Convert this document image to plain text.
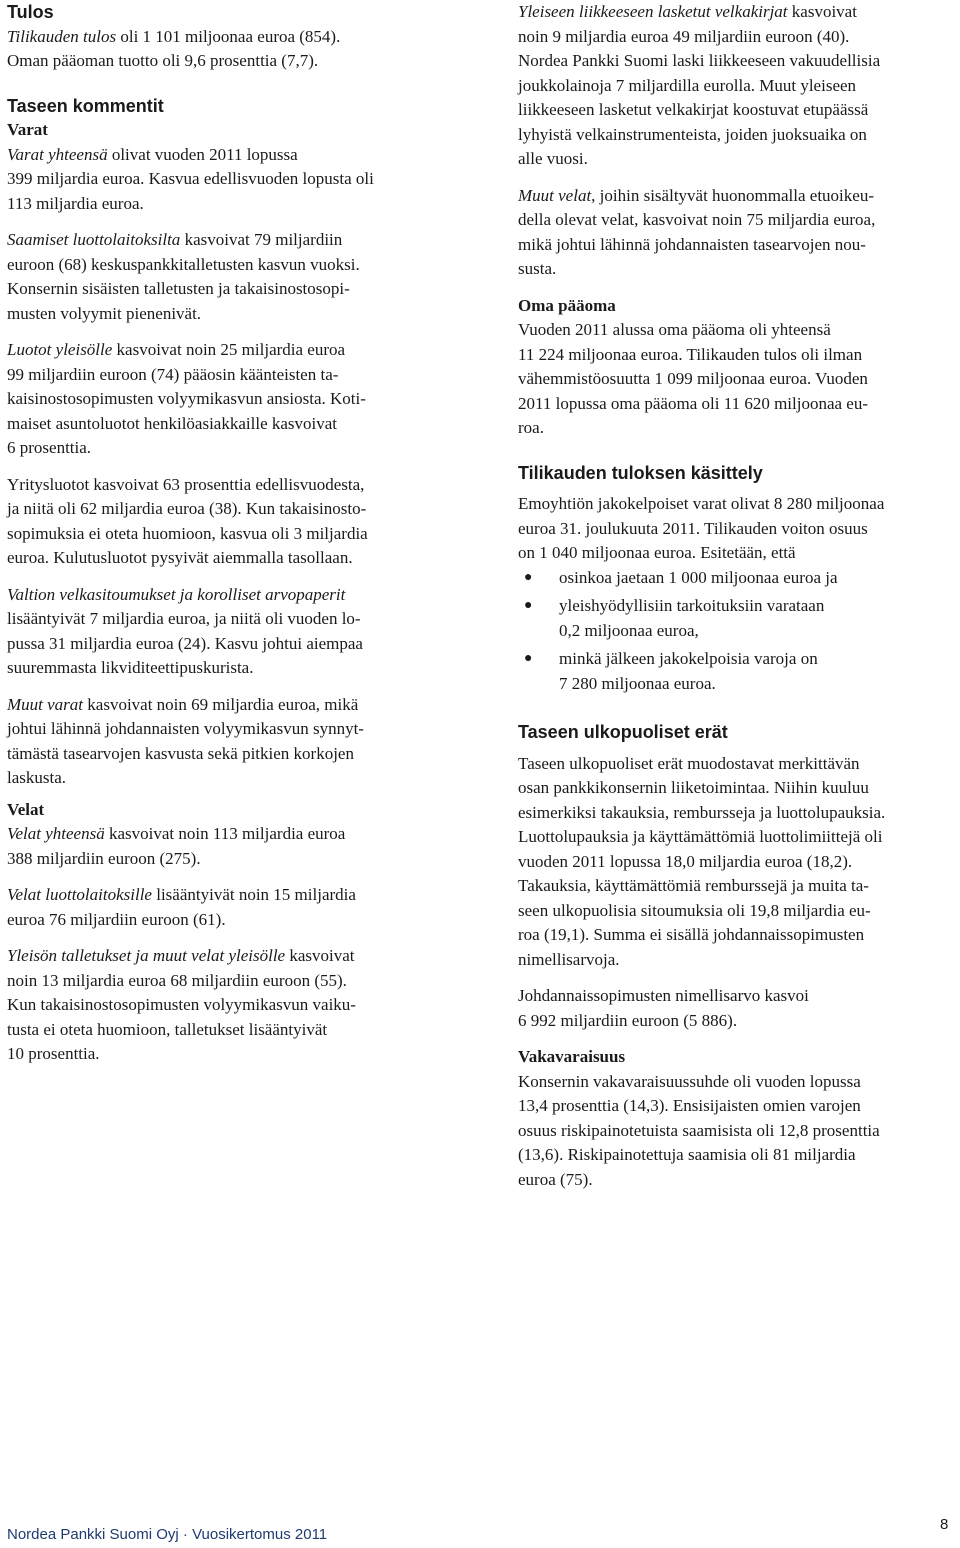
Tulos

Tilikauden tulos oli 1 101 miljoonaa euroa (854).

Oman pääoman tuotto oli 9,6 prosenttia (7,7).

Taseen kommentit

Varat

Varat yhteensä olivat vuoden 2011 lopussa

399 miljardia euroa. Kasvua edellisvuoden lopusta oli

113 miljardia euroa.

Saamiset luottolaitoksilta kasvoivat 79 miljardiin

euroon (68) keskuspankkitalletusten kasvun vuoksi.

Konsernin sisäisten talletusten ja takaisinostosopi-

musten volyymit pienenivät.

Luotot yleisölle kasvoivat noin 25 miljardia euroa

99 miljardiin euroon (74) pääosin käänteisten ta-

kaisinostosopimusten volyymikasvun ansiosta. Koti-

maiset asuntoluotot henkilöasiakkaille kasvoivat

6 prosenttia.

Yritysluotot kasvoivat 63 prosenttia edellisvuodesta,

ja niitä oli 62 miljardia euroa (38). Kun takaisinosto-

sopimuksia ei oteta huomioon, kasvua oli 3 miljardia

euroa. Kulutusluotot pysyivät aiemmalla tasollaan.

Valtion velkasitoumukset ja korolliset arvopaperit

lisääntyivät 7 miljardia euroa, ja niitä oli vuoden lo-

pussa 31 miljardia euroa (24). Kasvu johtui aiempaa

suuremmasta likviditeettipuskurista.

Muut varat kasvoivat noin 69 miljardia euroa, mikä

johtui lähinnä johdannaisten volyymikasvun synnyt-

tämästä tasearvojen kasvusta sekä pitkien korkojen

laskusta.

Velat

Velat yhteensä kasvoivat noin 113 miljardia euroa

388 miljardiin euroon (275).

Velat luottolaitoksille lisääntyivät noin 15 miljardia

euroa 76 miljardiin euroon (61).

Yleisön talletukset ja muut velat yleisölle kasvoivat

noin 13 miljardia euroa 68 miljardiin euroon (55).

Kun takaisinostosopimusten volyymikasvun vaiku-

tusta ei oteta huomioon, talletukset lisääntyivät

10 prosenttia.

Yleiseen liikkeeseen lasketut velkakirjat kasvoivat

noin 9 miljardia euroa 49 miljardiin euroon (40).

Nordea Pankki Suomi laski liikkeeseen vakuudellisia

joukkolainoja 7 miljardilla eurolla. Muut yleiseen

liikkeeseen lasketut velkakirjat koostuvat etupäässä

lyhyistä velkainstrumenteista, joiden juoksuaika on

alle vuosi.

Muut velat, joihin sisältyvät huonommalla etuoikeu-

della olevat velat, kasvoivat noin 75 miljardia euroa,

mikä johtui lähinnä johdannaisten tasearvojen nou-

susta.

Oma pääoma

Vuoden 2011 alussa oma pääoma oli yhteensä

11 224 miljoonaa euroa. Tilikauden tulos oli ilman

vähemmistöosuutta 1 099 miljoonaa euroa. Vuoden

2011 lopussa oma pääoma oli 11 620 miljoonaa eu-

roa.

Tilikauden tuloksen käsittely

Emoyhtiön jakokelpoiset varat olivat 8 280 miljoonaa

euroa 31. joulukuuta 2011. Tilikauden voiton osuus

on 1 040 miljoonaa euroa. Esitetään, että

● osinkoa jaetaan 1 000 miljoonaa euroa ja

● yleishyödyllisiin tarkoituksiin varataan

0,2 miljoonaa euroa,

● minkä jälkeen jakokelpoisia varoja on

7 280 miljoonaa euroa.

Taseen ulkopuoliset erät

Taseen ulkopuoliset erät muodostavat merkittävän

osan pankkikonsernin liiketoimintaa. Niihin kuuluu

esimerkiksi takauksia, rembursseja ja luottolupauksia.

Luottolupauksia ja käyttämättömiä luottolimiittejä oli

vuoden 2011 lopussa 18,0 miljardia euroa (18,2).

Takauksia, käyttämättömiä remburssejä ja muita ta-

seen ulkopuolisia sitoumuksia oli 19,8 miljardia eu-

roa (19,1). Summa ei sisällä johdannaissopimusten

nimellisarvoja.

Johdannaissopimusten nimellisarvo kasvoi

6 992 miljardiin euroon (5 886).

Vakavaraisuus

Konsernin vakavaraisuussuhde oli vuoden lopussa

13,4 prosenttia (14,3). Ensisijaisten omien varojen

osuus riskipainotetuista saamisista oli 12,8 prosenttia

(13,6). Riskipainotettuja saamisia oli 81 miljardia

euroa (75).

Nordea Pankki Suomi Oyj · Vuosikertomus 2011
8
